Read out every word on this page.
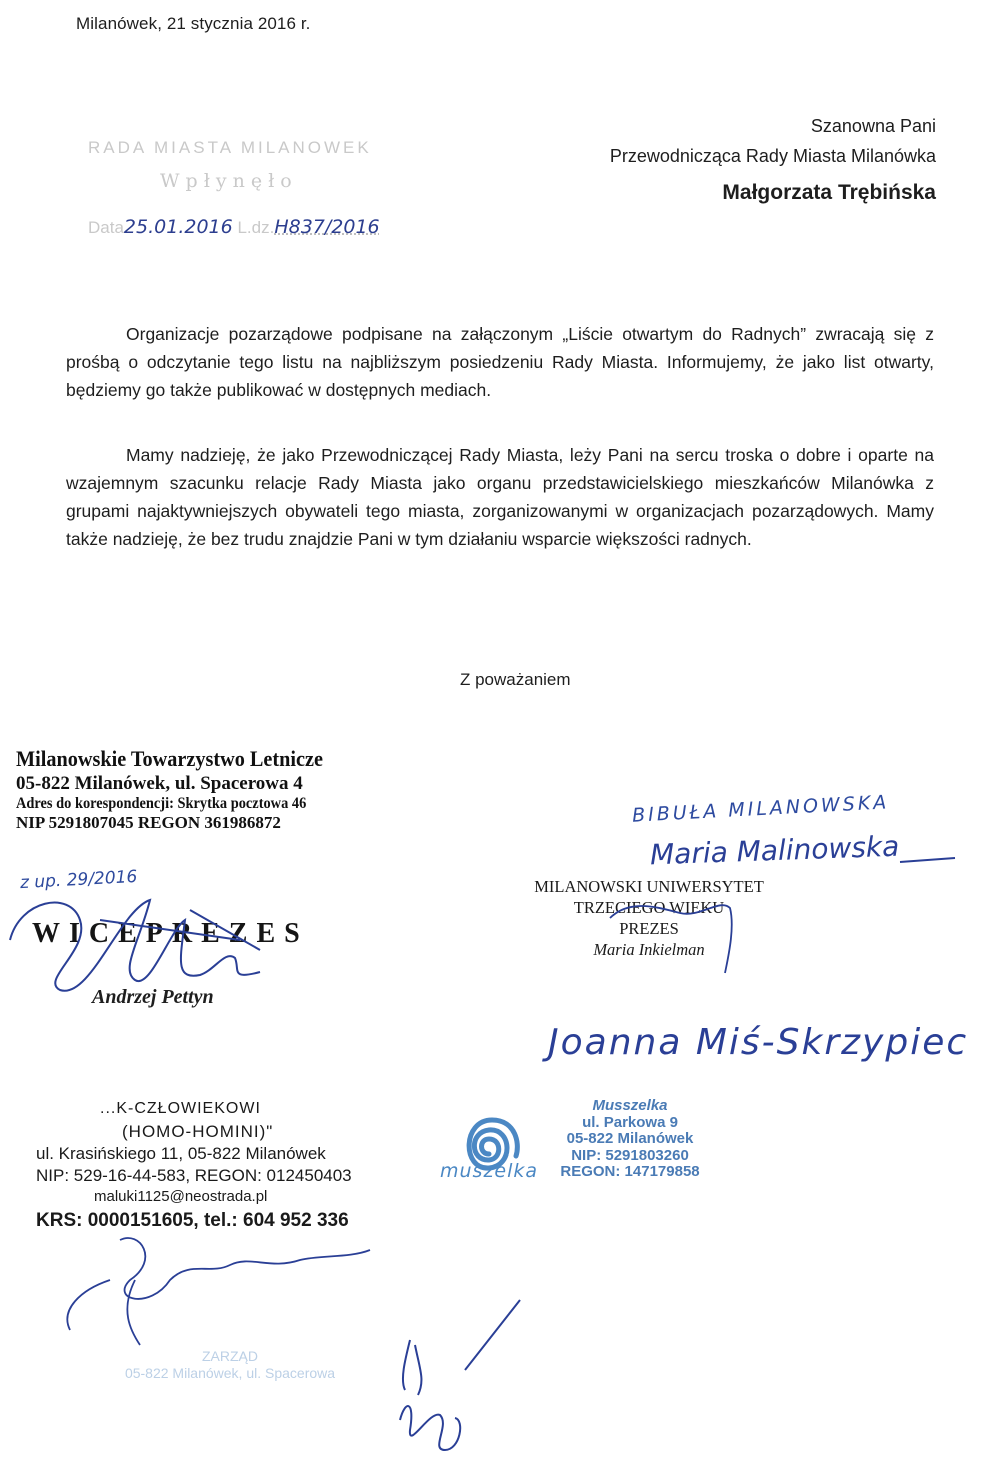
Milanówek, 21 stycznia 2016 r.
RADA MIASTA MILANOWEK
Wpłynęło
Data25.01.2016 L.dz.H837/2016
Szanowna Pani
Przewodnicząca Rady Miasta Milanówka
Małgorzata Trębińska
Organizacje pozarządowe podpisane na załączonym „Liście otwartym do Radnych” zwracają się z prośbą o odczytanie tego listu na najbliższym posiedzeniu Rady Miasta. Informujemy, że jako list otwarty, będziemy go także publikować w dostępnych mediach.
Mamy nadzieję, że jako Przewodniczącej Rady Miasta, leży Pani na sercu troska o dobre i oparte na wzajemnym szacunku relacje Rady Miasta jako organu przedstawicielskiego mieszkańców Milanówka z grupami najaktywniejszych obywateli tego miasta, zorganizowanymi w organizacjach pozarządowych. Mamy także nadzieję, że bez trudu znajdzie Pani w tym działaniu wsparcie większości radnych.
Z poważaniem
Milanowskie Towarzystwo Letnicze
05-822 Milanówek, ul. Spacerowa 4
Adres do korespondencji: Skrytka pocztowa 46
NIP 5291807045 REGON 361986872
z up. 29/2016
WICEPREZES
Andrzej Pettyn
BIBUŁA MILANOWSKA
Maria Malinowska
MILANOWSKI UNIWERSYTET
TRZECIEGO WIEKU
PREZES
Maria Inkielman
Joanna Miś-Skrzypiec
...K-CZŁOWIEKOWI
(HOMO-HOMINI)"
ul. Krasińskiego 11, 05-822 Milanówek
NIP: 529-16-44-583, REGON: 012450403
maluki1125@neostrada.pl
KRS: 0000151605, tel.: 604 952 336
muszelka
Musszelka
ul. Parkowa 9
05-822 Milanówek
NIP: 5291803260
REGON: 147179858
ZARZĄD
05-822 Milanówek, ul. Spacerowa
